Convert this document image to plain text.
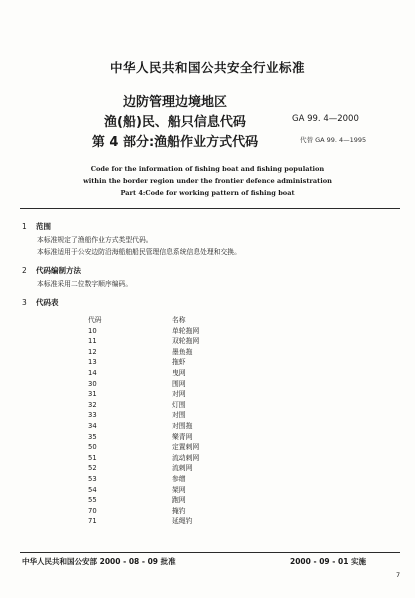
中华人民共和国公共安全行业标准
边防管理边境地区
渔(船)民、船只信息代码
第 4 部分:渔船作业方式代码
GA 99. 4—2000
代替 GA 99. 4—1995
Code for the information of fishing boat and fishing population
within the border region under the frontier defence administration
Part 4:Code for working pattern of fishing boat
1 范围
本标准规定了渔船作业方式类型代码。
本标准适用于公安边防沿海船舶船民管理信息系统信息处理和交换。
2 代码编制方法
本标准采用二位数字顺序编码。
3 代码表
代码	名称
10	单轮拖网
11	双轮拖网
12	墨鱼拖
13	拖虾
14	曳网
30	围网
31	对网
32	灯围
33	对围
34	对围拖
35	樂青网
50	定置刺网
51	流动刺网
52	流刺网
53	参缯
54	架网
55	跑网
70	掩钓
71	延绳钓
中华人民共和国公安部 2000 - 08 - 09 批准	2000 - 09 - 01 实施
7
